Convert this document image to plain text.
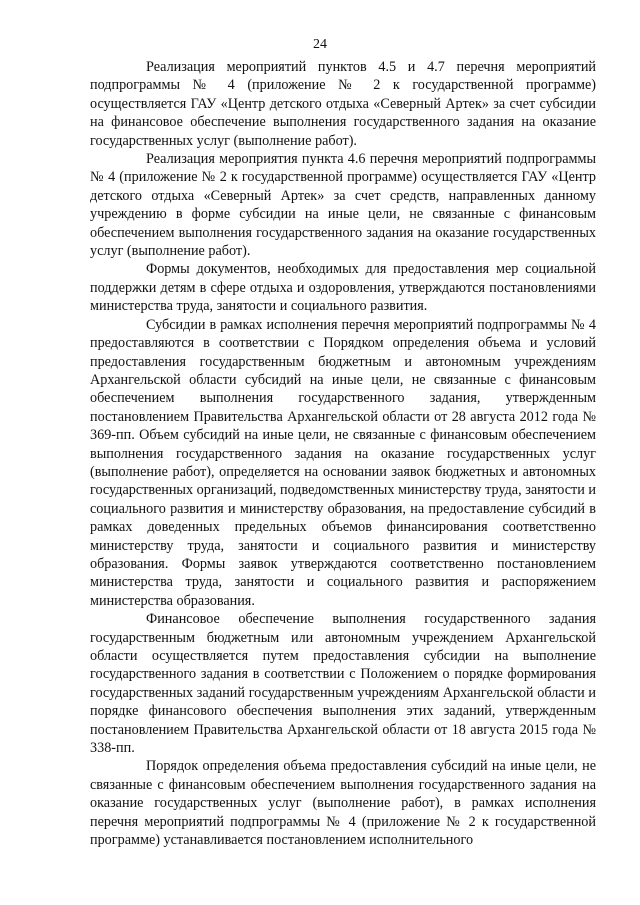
24

Реализация мероприятий пунктов 4.5 и 4.7 перечня мероприятий подпрограммы № 4 (приложение № 2 к государственной программе) осуществляется ГАУ «Центр детского отдыха «Северный Артек» за счет субсидии на финансовое обеспечение выполнения государственного задания на оказание государственных услуг (выполнение работ).

Реализация мероприятия пункта 4.6 перечня мероприятий подпрограммы № 4 (приложение № 2 к государственной программе) осуществляется ГАУ «Центр детского отдыха «Северный Артек» за счет средств, направленных данному учреждению в форме субсидии на иные цели, не связанные с финансовым обеспечением выполнения государственного задания на оказание государственных услуг (выполнение работ).

Формы документов, необходимых для предоставления мер социальной поддержки детям в сфере отдыха и оздоровления, утверждаются постановлениями министерства труда, занятости и социального развития.

Субсидии в рамках исполнения перечня мероприятий подпрограммы № 4 предоставляются в соответствии с Порядком определения объема и условий предоставления государственным бюджетным и автономным учреждениям Архангельской области субсидий на иные цели, не связанные с финансовым обеспечением выполнения государственного задания, утвержденным постановлением Правительства Архангельской области от 28 августа 2012 года № 369-пп. Объем субсидий на иные цели, не связанные с финансовым обеспечением выполнения государственного задания на оказание государственных услуг (выполнение работ), определяется на основании заявок бюджетных и автономных государственных организаций, подведомственных министерству труда, занятости и социального развития и министерству образования, на предоставление субсидий в рамках доведенных предельных объемов финансирования соответственно министерству труда, занятости и социального развития и министерству образования. Формы заявок утверждаются соответственно постановлением министерства труда, занятости и социального развития и распоряжением министерства образования.

Финансовое обеспечение выполнения государственного задания государственным бюджетным или автономным учреждением Архангельской области осуществляется путем предоставления субсидии на выполнение государственного задания в соответствии с Положением о порядке формирования государственных заданий государственным учреждениям Архангельской области и порядке финансового обеспечения выполнения этих заданий, утвержденным постановлением Правительства Архангельской области от 18 августа 2015 года № 338-пп.

Порядок определения объема предоставления субсидий на иные цели, не связанные с финансовым обеспечением выполнения государственного задания на оказание государственных услуг (выполнение работ), в рамках исполнения перечня мероприятий подпрограммы № 4 (приложение № 2 к государственной программе) устанавливается постановлением исполнительного
